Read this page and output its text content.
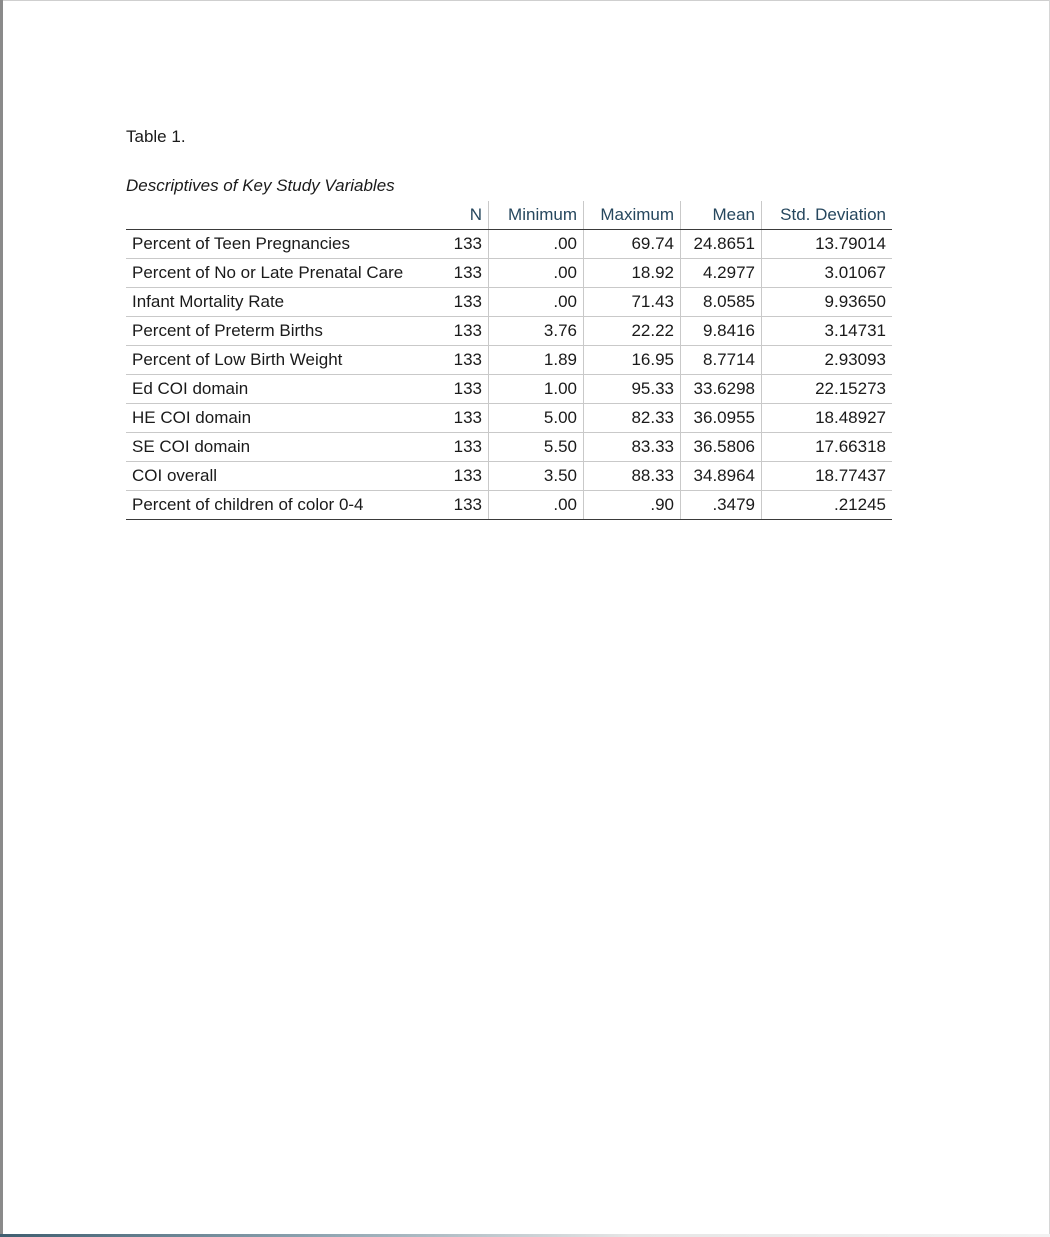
Table 1.
Descriptives of Key Study Variables
	N	Minimum	Maximum	Mean	Std. Deviation
Percent of Teen Pregnancies	133	.00	69.74	24.8651	13.79014
Percent of No or Late Prenatal Care	133	.00	18.92	4.2977	3.01067
Infant Mortality Rate	133	.00	71.43	8.0585	9.93650
Percent of Preterm Births	133	3.76	22.22	9.8416	3.14731
Percent of Low Birth Weight	133	1.89	16.95	8.7714	2.93093
Ed COI domain	133	1.00	95.33	33.6298	22.15273
HE COI domain	133	5.00	82.33	36.0955	18.48927
SE COI domain	133	5.50	83.33	36.5806	17.66318
COI overall	133	3.50	88.33	34.8964	18.77437
Percent of children of color 0-4	133	.00	.90	.3479	.21245
